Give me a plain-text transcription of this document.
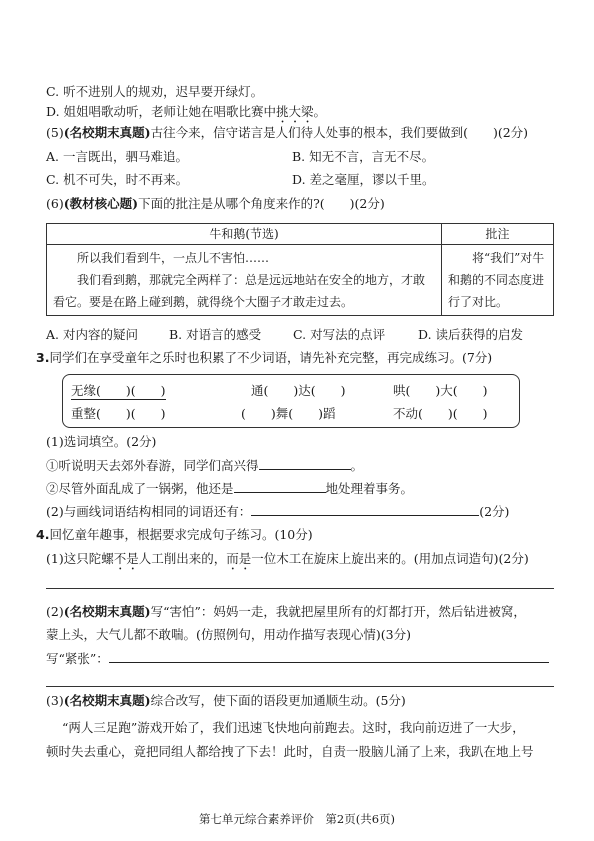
C. 听不进别人的规劝，迟早要开绿灯。
D. 姐姐唱歌动听，老师让她在唱歌比赛中挑大梁。
(5)(名校期末真题)古往今来，信守诺言是人们待人处事的根本，我们要做到(　　)(2分)
A. 一言既出，驷马难追。	B. 知无不言，言无不尽。
C. 机不可失，时不再来。	D. 差之毫厘，谬以千里。
(6)(教材核心题)下面的批注是从哪个角度来作的?(　　)(2分)
牛和鹅(节选)	批注

所以我们看到牛，一点儿不害怕……

我们看到鹅，那就完全两样了：总是远远地站在安全的地方，才敢看它。要是在路上碰到鹅，就得绕个大圈子才敢走过去。	将“我们”对牛和鹅的不同态度进行了对比。

A. 对内容的疑问 B. 对语言的感受	C. 对写法的点评	D. 读后获得的启发
3.同学们在享受童年之乐时也积累了不少词语，请先补充完整，再完成练习。(7分)
无缘(　　)(　　)	通(　　)达(　　)	哄(　　)大(　　)
重整(　　)(　　)	(　　)舞(　　)蹈	不动(　　)(　　)
(1)选词填空。(2分)
①听说明天去郊外春游，同学们高兴得	。
②尽管外面乱成了一锅粥，他还是	地处理着事务。
(2)与画线词语结构相同的词语还有：	(2分)
4.回忆童年趣事，根据要求完成句子练习。(10分)
(1)这只陀螺不是人工削出来的，而是一位木工在旋床上旋出来的。(用加点词造句)(2分)
(2)(名校期末真题)写“害怕”：妈妈一走，我就把屋里所有的灯都打开，然后钻进被窝，
蒙上头，大气儿都不敢喘。(仿照例句，用动作描写表现心情)(3分)
写“紧张”：
(3)(名校期末真题)综合改写，使下面的语段更加通顺生动。(5分)
“两人三足跑”游戏开始了，我们迅速飞快地向前跑去。这时，我向前迈进了一大步，
顿时失去重心，竟把同组人都给拽了下去！此时，自责一股脑儿涌了上来，我趴在地上号
第七单元综合素养评价　第2页(共6页)
